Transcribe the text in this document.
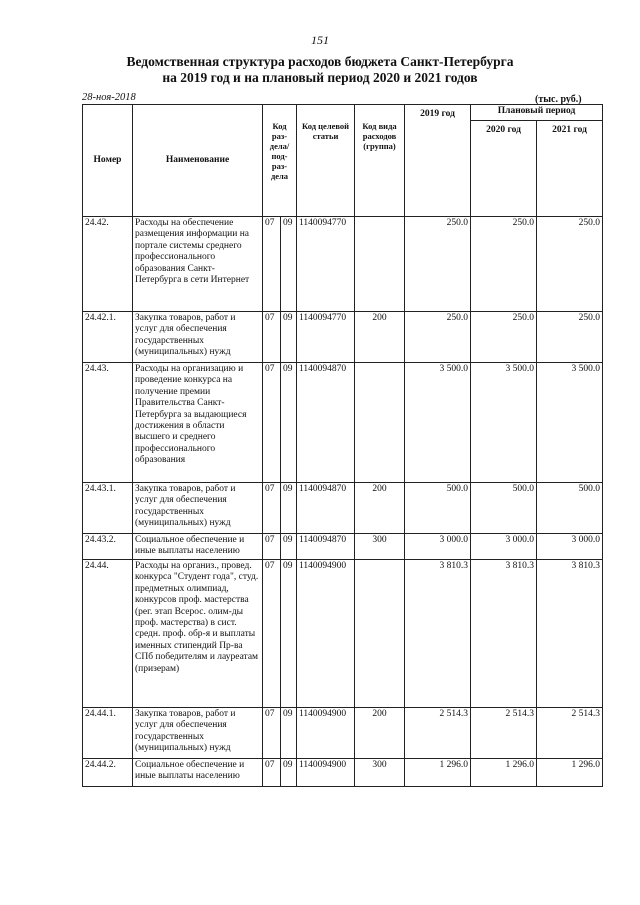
151
Ведомственная структура расходов бюджета Санкт-Петербурга
на 2019 год и на плановый период 2020 и 2021 годов
28-ноя-2018	(тыс. руб.)
Номер	Наименование	Код раз- дела/ под- раз- дела		Код целевой статьи	Код вида расходов (группа)	2019 год	Плановый период	
							2020 год	2021 год
24.42.	Расходы на обеспечение размещения информации на портале системы среднего профессионального образования Санкт-Петербурга в сети Интернет	07	09	1140094770		250.0	250.0	250.0
24.42.1.	Закупка товаров, работ и услуг для обеспечения государственных (муниципальных) нужд	07	09	1140094770	200	250.0	250.0	250.0
24.43.	Расходы на организацию и проведение конкурса на получение премии Правительства Санкт-Петербурга за выдающиеся достижения в области высшего и среднего профессионального образования	07	09	1140094870		3 500.0	3 500.0	3 500.0
24.43.1.	Закупка товаров, работ и услуг для обеспечения государственных (муниципальных) нужд	07	09	1140094870	200	500.0	500.0	500.0
24.43.2.	Социальное обеспечение и иные выплаты населению	07	09	1140094870	300	3 000.0	3 000.0	3 000.0
24.44.	Расходы на организ., провед. конкурса "Студент года", студ. предметных олимпиад, конкурсов проф. мастерства (рег. этап Всерос. олим-ды проф. мастерства) в сист. средн. проф. обр-я и выплаты именных стипендий Пр-ва СПб победителям и лауреатам (призерам)	07	09	1140094900		3 810.3	3 810.3	3 810.3
24.44.1.	Закупка товаров, работ и услуг для обеспечения государственных (муниципальных) нужд	07	09	1140094900	200	2 514.3	2 514.3	2 514.3
24.44.2.	Социальное обеспечение и иные выплаты населению	07	09	1140094900	300	1 296.0	1 296.0	1 296.0
